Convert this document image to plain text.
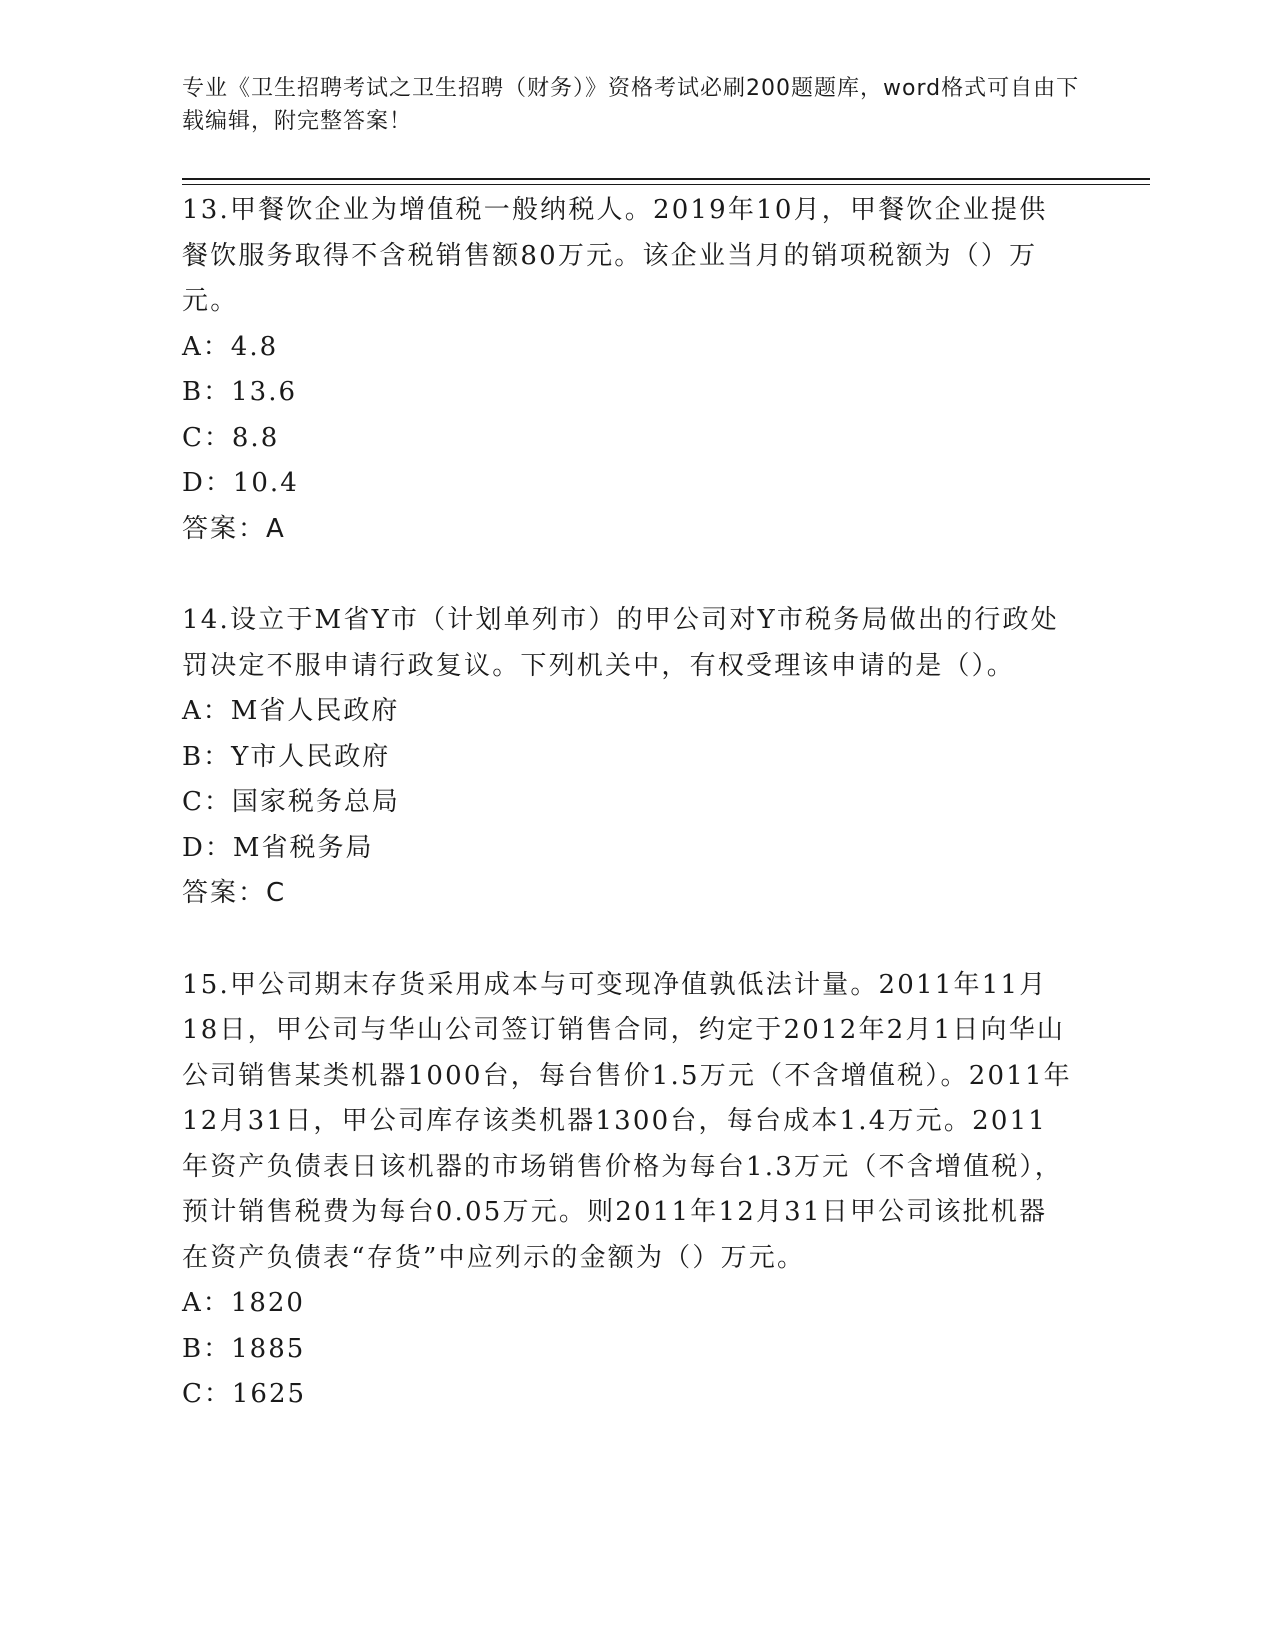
专业《卫生招聘考试之卫生招聘（财务）》资格考试必刷200题题库，word格式可自由下载编辑，附完整答案！

13.甲餐饮企业为增值税一般纳税人。2019年10月，甲餐饮企业提供餐饮服务取得不含税销售额80万元。该企业当月的销项税额为（）万元。

A：4.8

B：13.6

C：8.8

D：10.4

答案：A

14.设立于M省Y市（计划单列市）的甲公司对Y市税务局做出的行政处罚决定不服申请行政复议。下列机关中，有权受理该申请的是（）。

A：M省人民政府

B：Y市人民政府

C：国家税务总局

D：M省税务局

答案：C

15.甲公司期末存货采用成本与可变现净值孰低法计量。2011年11月18日，甲公司与华山公司签订销售合同，约定于2012年2月1日向华山公司销售某类机器1000台，每台售价1.5万元（不含增值税）。2011年12月31日，甲公司库存该类机器1300台，每台成本1.4万元。2011年资产负债表日该机器的市场销售价格为每台1.3万元（不含增值税），预计销售税费为每台0.05万元。则2011年12月31日甲公司该批机器在资产负债表“存货”中应列示的金额为（）万元。

A：1820

B：1885

C：1625
